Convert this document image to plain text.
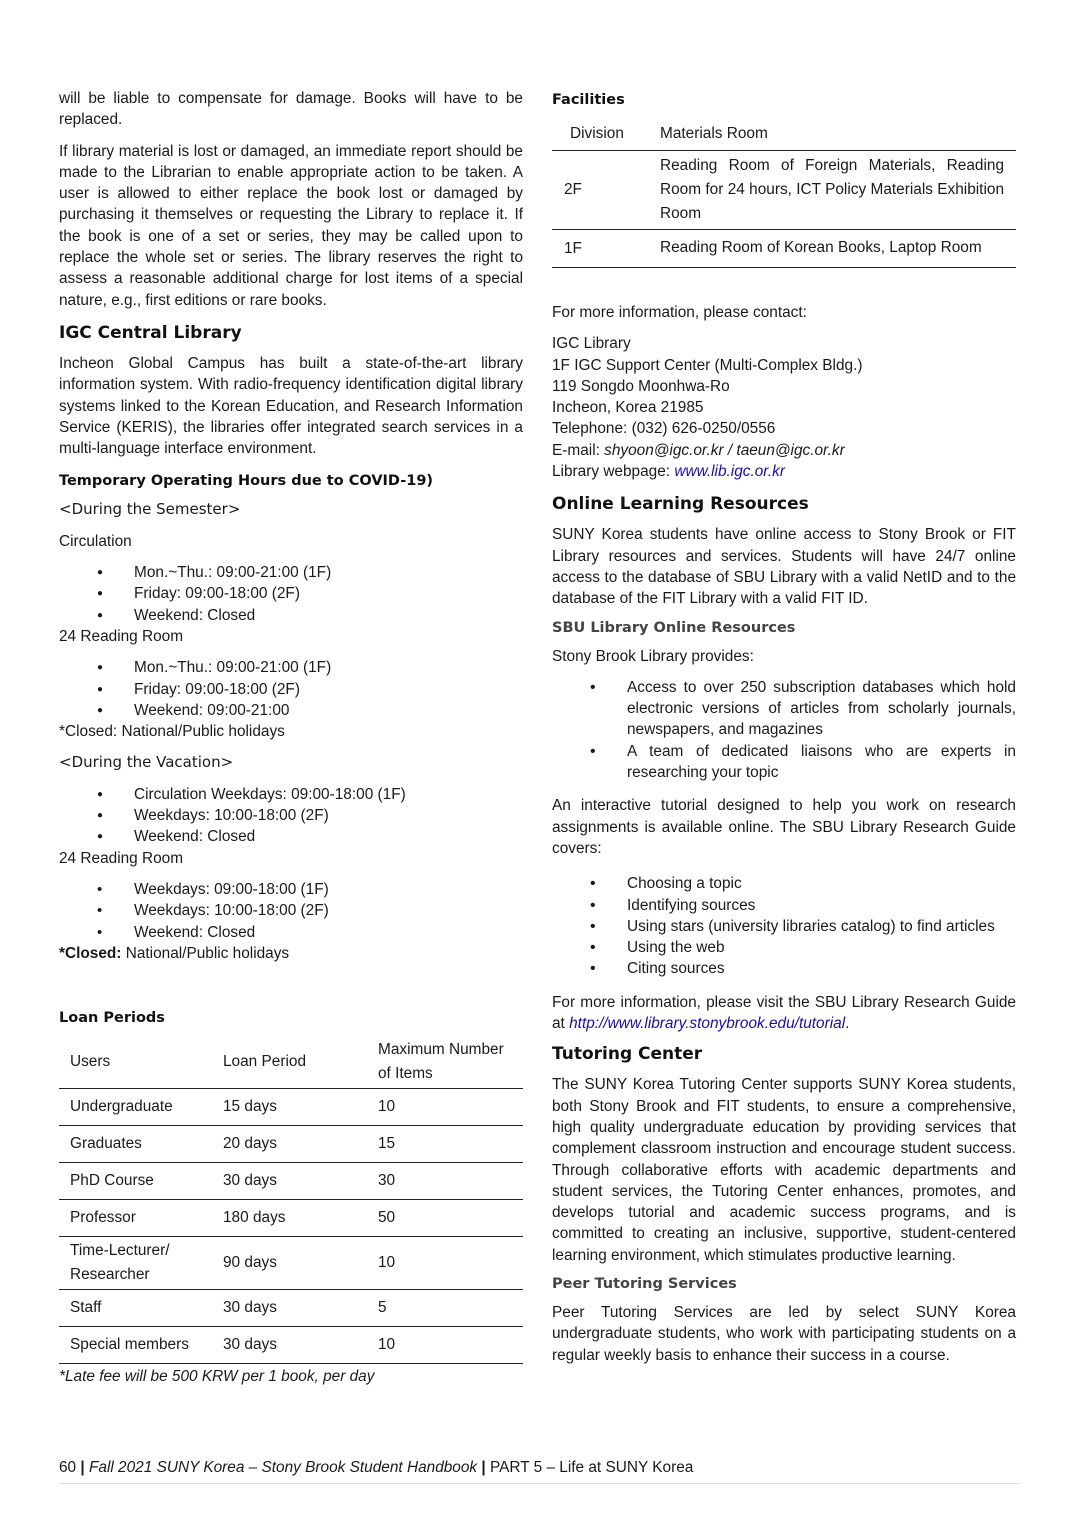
will be liable to compensate for damage. Books will have to be replaced.

If library material is lost or damaged, an immediate report should be made to the Librarian to enable appropriate action to be taken. A user is allowed to either replace the book lost or damaged by purchasing it themselves or requesting the Library to replace it. If the book is one of a set or series, they may be called upon to replace the whole set or series. The library reserves the right to assess a reasonable additional charge for lost items of a special nature, e.g., first editions or rare books.

IGC Central Library

Incheon Global Campus has built a state-of-the-art library information system. With radio-frequency identification digital library systems linked to the Korean Education, and Research Information Service (KERIS), the libraries offer integrated search services in a multi-language interface environment.

Temporary Operating Hours due to COVID-19)
<During the Semester>
Circulation
● Mon.~Thu.: 09:00-21:00 (1F)
● Friday: 09:00-18:00 (2F)
● Weekend: Closed
24 Reading Room
● Mon.~Thu.: 09:00-21:00 (1F)
● Friday: 09:00-18:00 (2F)
● Weekend: 09:00-21:00
*Closed: National/Public holidays
<During the Vacation>
● Circulation Weekdays: 09:00-18:00 (1F)
● Weekdays: 10:00-18:00 (2F)
● Weekend: Closed
24 Reading Room
• Weekdays: 09:00-18:00 (1F)
• Weekdays: 10:00-18:00 (2F)
• Weekend: Closed
*Closed: National/Public holidays
Loan Periods
Users	Loan Period	Maximum Number of Items
Undergraduate	15 days	10
Graduates	20 days	15
PhD Course	30 days	30
Professor	180 days	50
Time-Lecturer/ Researcher	90 days	10
Staff	30 days	5
Special members	30 days	10
*Late fee will be 500 KRW per 1 book, per day
Facilities
Division	Materials Room
2F	Reading Room of Foreign Materials, Reading Room for 24 hours, ICT Policy Materials Exhibition Room
1F	Reading Room of Korean Books, Laptop Room
For more information, please contact:
IGC Library
1F IGC Support Center (Multi-Complex Bldg.)
119 Songdo Moonhwa-Ro
Incheon, Korea 21985
Telephone: (032) 626-0250/0556
E-mail: shyoon@igc.or.kr / taeun@igc.or.kr
Library webpage: www.lib.igc.or.kr
Online Learning Resources

SUNY Korea students have online access to Stony Brook or FIT Library resources and services. Students will have 24/7 online access to the database of SBU Library with a valid NetID and to the database of the FIT Library with a valid FIT ID.

SBU Library Online Resources
Stony Brook Library provides:
• Access to over 250 subscription databases which hold electronic versions of articles from scholarly journals, newspapers, and magazines
• A team of dedicated liaisons who are experts in researching your topic

An interactive tutorial designed to help you work on research assignments is available online. The SBU Library Research Guide covers:

• Choosing a topic
• Identifying sources
• Using stars (university libraries catalog) to find articles
• Using the web
• Citing sources

For more information, please visit the SBU Library Research Guide at http://www.library.stonybrook.edu/tutorial.

Tutoring Center

The SUNY Korea Tutoring Center supports SUNY Korea students, both Stony Brook and FIT students, to ensure a comprehensive, high quality undergraduate education by providing services that complement classroom instruction and encourage student success. Through collaborative efforts with academic departments and student services, the Tutoring Center enhances, promotes, and develops tutorial and academic success programs, and is committed to creating an inclusive, supportive, student-centered learning environment, which stimulates productive learning.

Peer Tutoring Services

Peer Tutoring Services are led by select SUNY Korea undergraduate students, who work with participating students on a regular weekly basis to enhance their success in a course.

60 | Fall 2021 SUNY Korea – Stony Brook Student Handbook | PART 5 – Life at SUNY Korea
